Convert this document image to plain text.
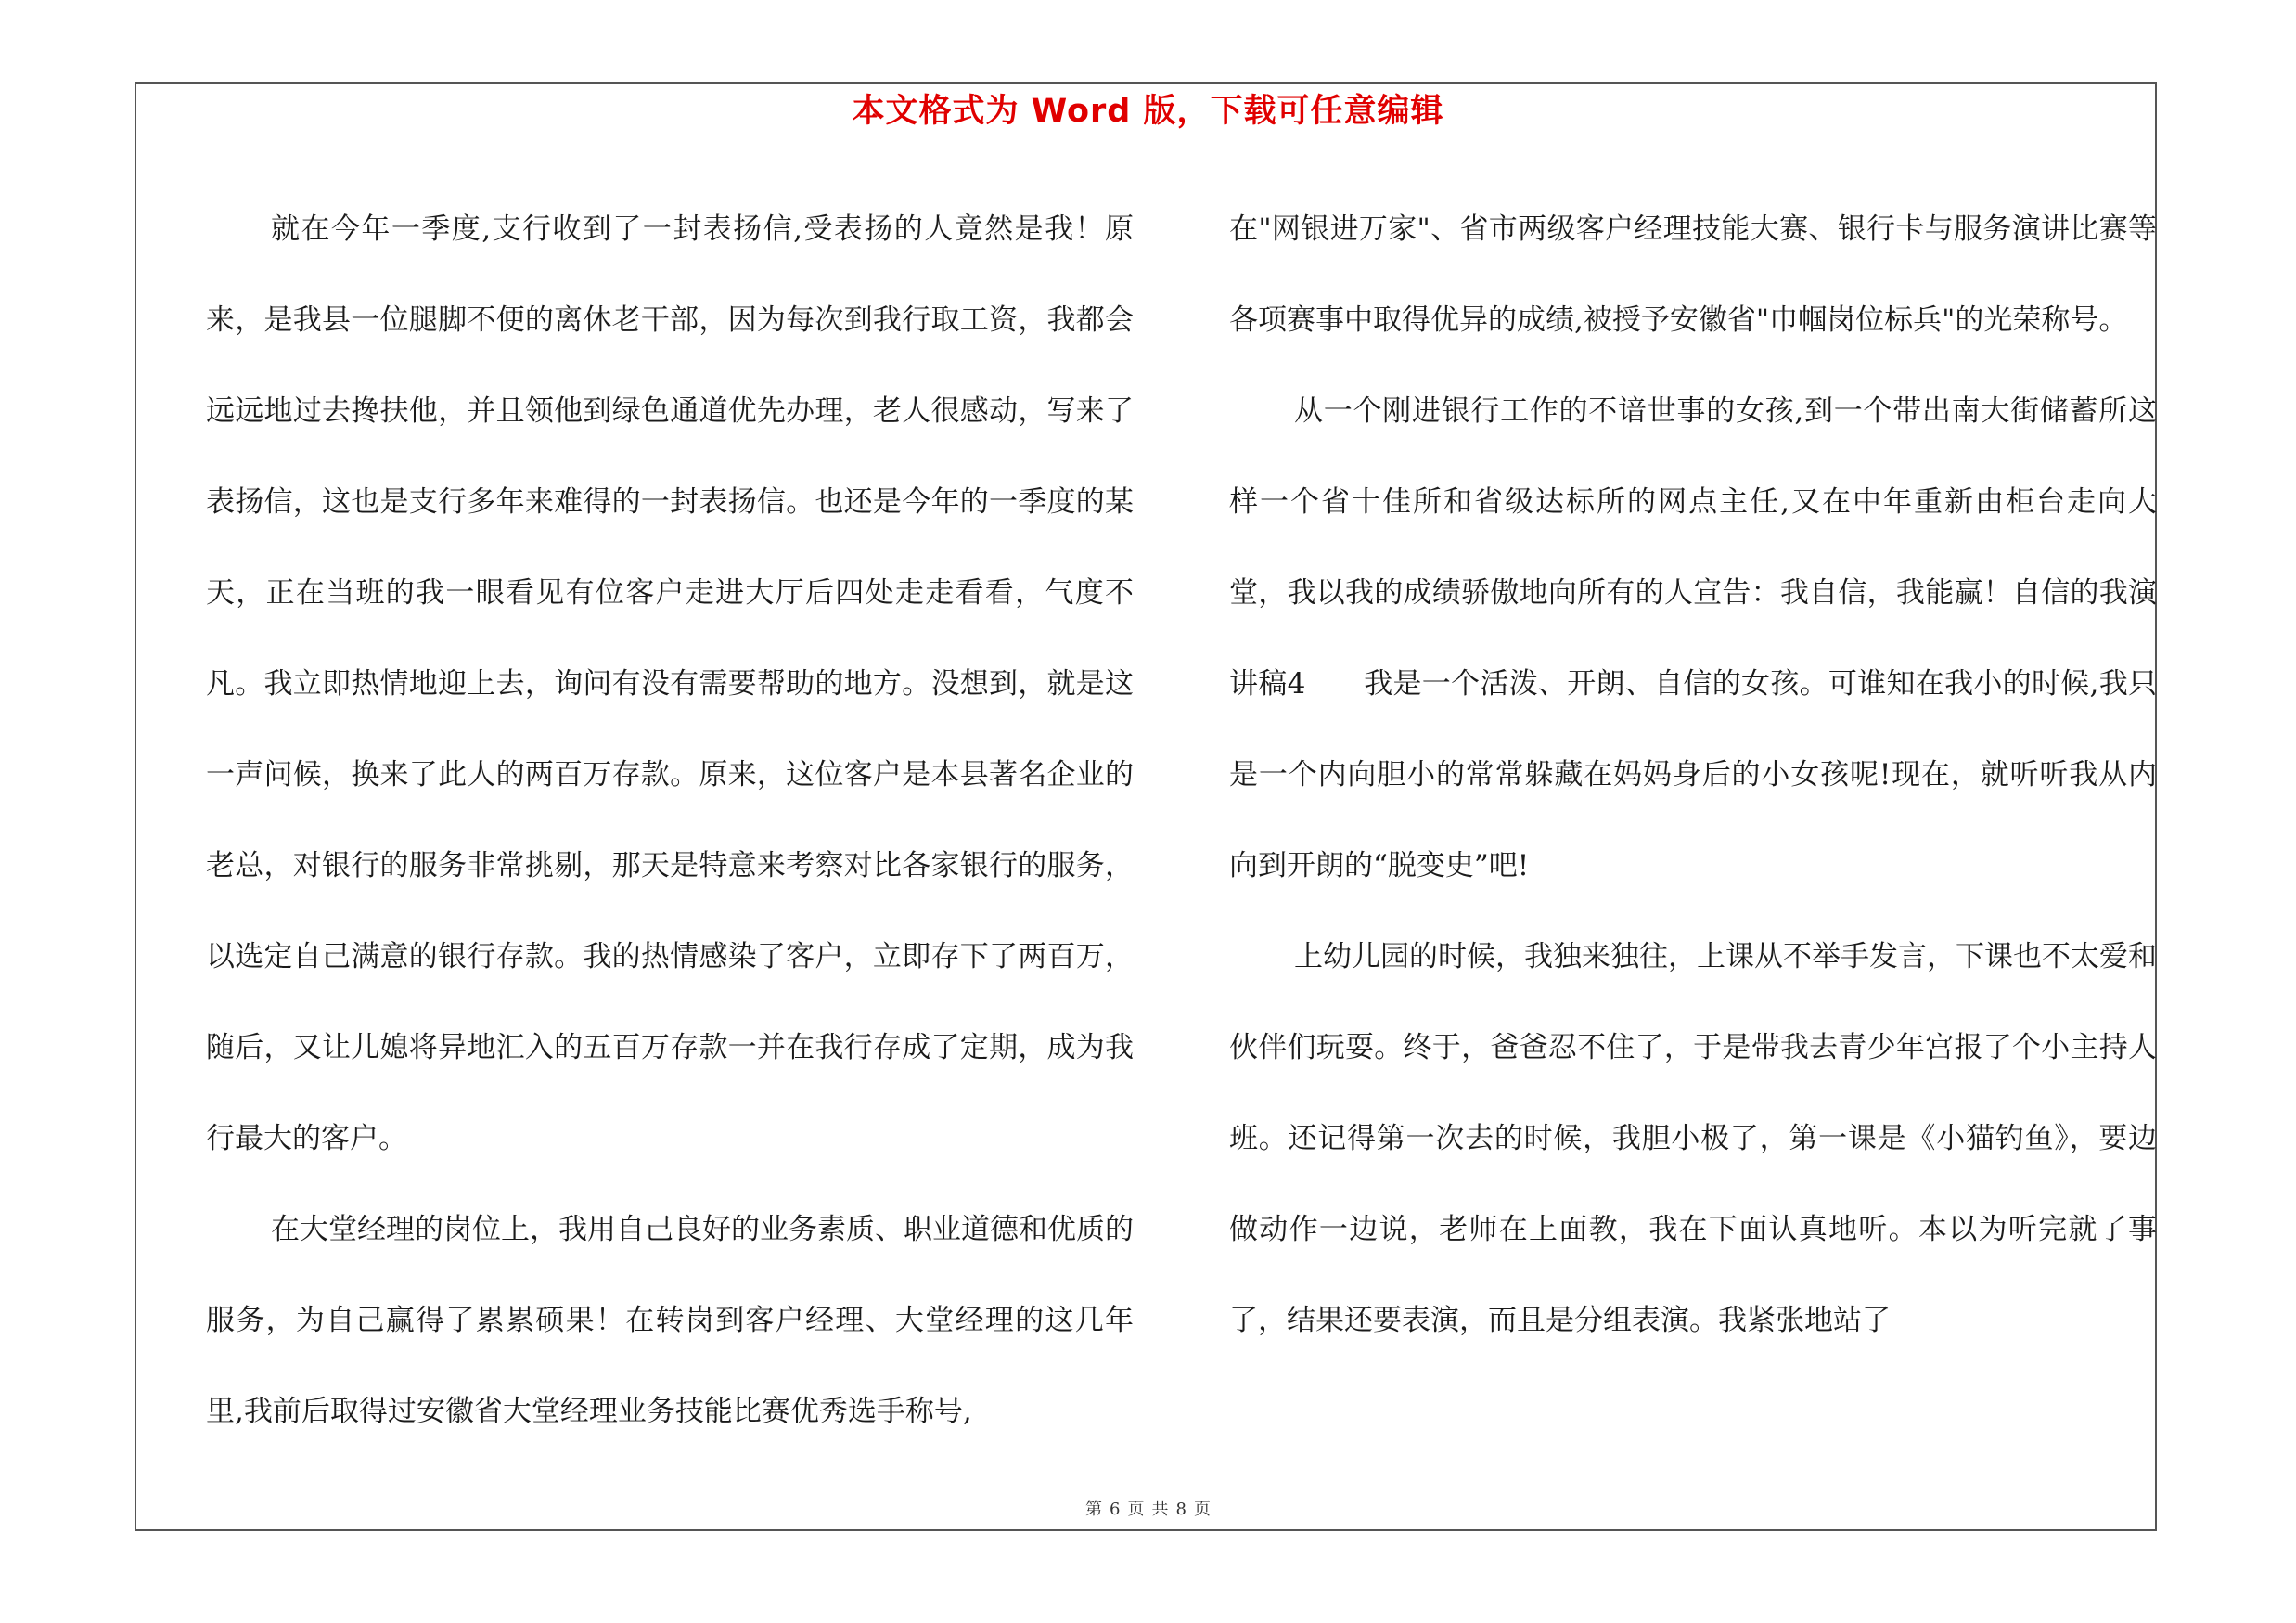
本文格式为 Word 版，下载可任意编辑

就在今年一季度,支行收到了一封表扬信,受表扬的人竟然是我！原来，是我县一位腿脚不便的离休老干部，因为每次到我行取工资，我都会远远地过去搀扶他，并且领他到绿色通道优先办理，老人很感动，写来了表扬信，这也是支行多年来难得的一封表扬信。也还是今年的一季度的某天，正在当班的我一眼看见有位客户走进大厅后四处走走看看，气度不凡。我立即热情地迎上去，询问有没有需要帮助的地方。没想到，就是这一声问候，换来了此人的两百万存款。原来，这位客户是本县著名企业的老总，对银行的服务非常挑剔，那天是特意来考察对比各家银行的服务，以选定自己满意的银行存款。我的热情感染了客户，立即存下了两百万，随后，又让儿媳将异地汇入的五百万存款一并在我行存成了定期，成为我行最大的客户。

在大堂经理的岗位上，我用自己良好的业务素质、职业道德和优质的服务，为自己赢得了累累硕果！在转岗到客户经理、大堂经理的这几年里,我前后取得过安徽省大堂经理业务技能比赛优秀选手称号,

在"网银进万家"、省市两级客户经理技能大赛、银行卡与服务演讲比赛等各项赛事中取得优异的成绩,被授予安徽省"巾帼岗位标兵"的光荣称号。

从一个刚进银行工作的不谙世事的女孩,到一个带出南大街储蓄所这样一个省十佳所和省级达标所的网点主任,又在中年重新由柜台走向大堂，我以我的成绩骄傲地向所有的人宣告：我自信，我能赢！自信的我演讲稿4　　我是一个活泼、开朗、自信的女孩。可谁知在我小的时候,我只是一个内向胆小的常常躲藏在妈妈身后的小女孩呢!现在，就听听我从内向到开朗的“脱变史”吧!

上幼儿园的时候，我独来独往，上课从不举手发言，下课也不太爱和伙伴们玩耍。终于，爸爸忍不住了，于是带我去青少年宫报了个小主持人班。还记得第一次去的时候，我胆小极了，第一课是《小猫钓鱼》，要边做动作一边说，老师在上面教，我在下面认真地听。本以为听完就了事了，结果还要表演，而且是分组表演。我紧张地站了

第 6 页 共 8 页
